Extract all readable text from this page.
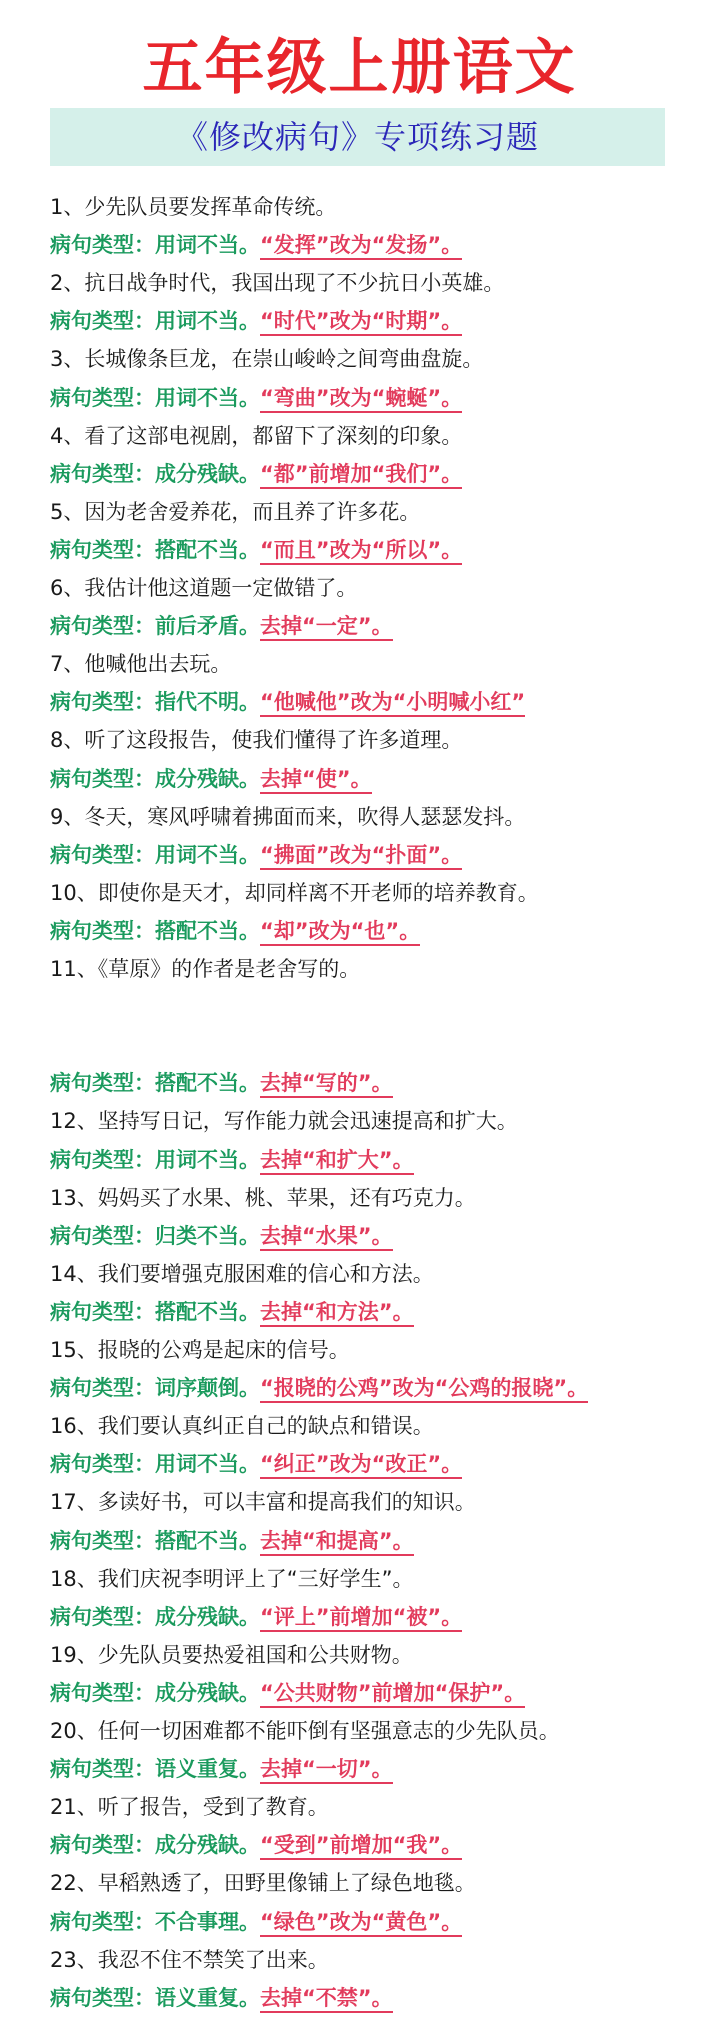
五年级上册语文
《修改病句》专项练习题
1、少先队员要发挥革命传统。
病句类型：用词不当。“发挥”改为“发扬”。
2、抗日战争时代，我国出现了不少抗日小英雄。
病句类型：用词不当。“时代”改为“时期”。
3、长城像条巨龙，在崇山峻岭之间弯曲盘旋。
病句类型：用词不当。“弯曲”改为“蜿蜒”。
4、看了这部电视剧，都留下了深刻的印象。
病句类型：成分残缺。“都”前增加“我们”。
5、因为老舍爱养花，而且养了许多花。
病句类型：搭配不当。“而且”改为“所以”。
6、我估计他这道题一定做错了。
病句类型：前后矛盾。去掉“一定”。
7、他喊他出去玩。
病句类型：指代不明。“他喊他”改为“小明喊小红”
8、听了这段报告，使我们懂得了许多道理。
病句类型：成分残缺。去掉“使”。
9、冬天，寒风呼啸着拂面而来，吹得人瑟瑟发抖。
病句类型：用词不当。“拂面”改为“扑面”。
10、即使你是天才，却同样离不开老师的培养教育。
病句类型：搭配不当。“却”改为“也”。
11、《草原》的作者是老舍写的。
病句类型：搭配不当。去掉“写的”。
12、坚持写日记，写作能力就会迅速提高和扩大。
病句类型：用词不当。去掉“和扩大”。
13、妈妈买了水果、桃、苹果，还有巧克力。
病句类型：归类不当。去掉“水果”。
14、我们要增强克服困难的信心和方法。
病句类型：搭配不当。去掉“和方法”。
15、报晓的公鸡是起床的信号。
病句类型：词序颠倒。“报晓的公鸡”改为“公鸡的报晓”。
16、我们要认真纠正自己的缺点和错误。
病句类型：用词不当。“纠正”改为“改正”。
17、多读好书，可以丰富和提高我们的知识。
病句类型：搭配不当。去掉“和提高”。
18、我们庆祝李明评上了“三好学生”。
病句类型：成分残缺。“评上”前增加“被”。
19、少先队员要热爱祖国和公共财物。
病句类型：成分残缺。“公共财物”前增加“保护”。
20、任何一切困难都不能吓倒有坚强意志的少先队员。
病句类型：语义重复。去掉“一切”。
21、听了报告，受到了教育。
病句类型：成分残缺。“受到”前增加“我”。
22、早稻熟透了，田野里像铺上了绿色地毯。
病句类型：不合事理。“绿色”改为“黄色”。
23、我忍不住不禁笑了出来。
病句类型：语义重复。去掉“不禁”。
